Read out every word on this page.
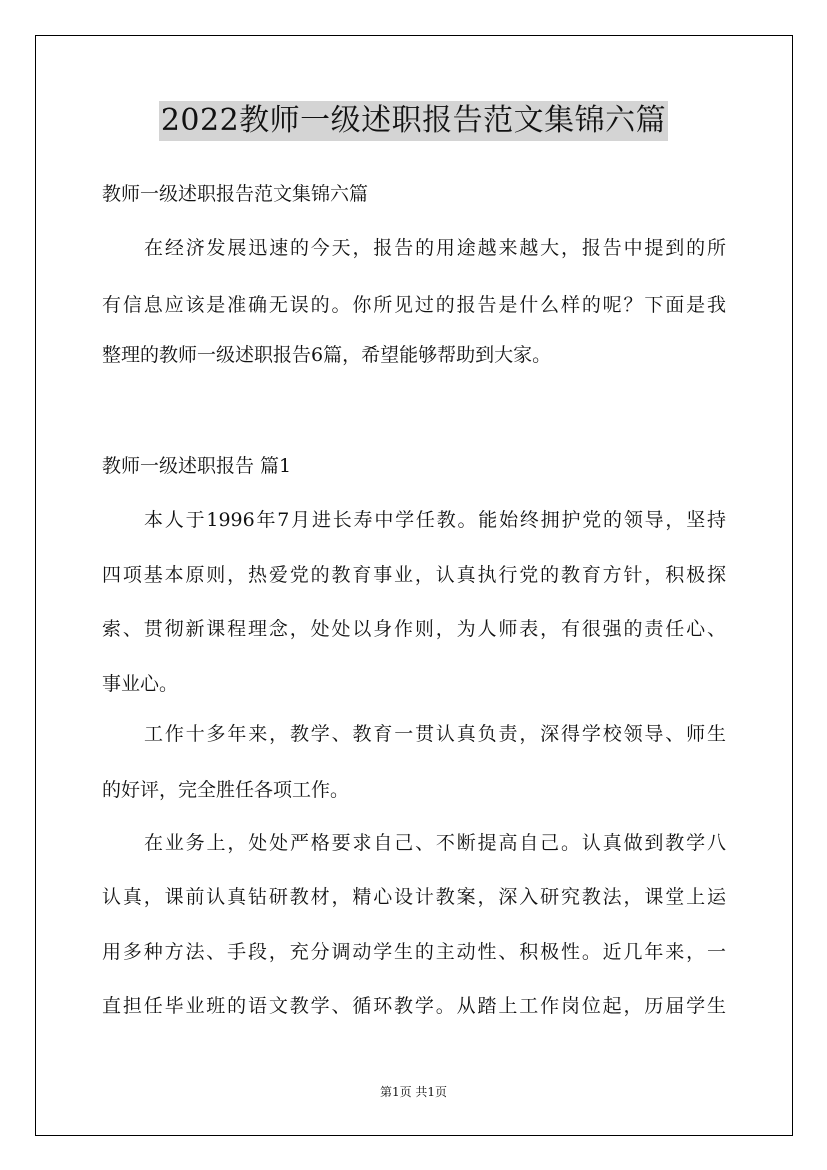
2022教师一级述职报告范文集锦六篇
教师一级述职报告范文集锦六篇
在经济发展迅速的今天，报告的用途越来越大，报告中提到的所
有信息应该是准确无误的。你所见过的报告是什么样的呢？下面是我
整理的教师一级述职报告6篇，希望能够帮助到大家。
教师一级述职报告 篇1
本人于1996年7月进长寿中学任教。能始终拥护党的领导，坚持
四项基本原则，热爱党的教育事业，认真执行党的教育方针，积极探
索、贯彻新课程理念，处处以身作则，为人师表，有很强的责任心、
事业心。
工作十多年来，教学、教育一贯认真负责，深得学校领导、师生
的好评，完全胜任各项工作。
在业务上，处处严格要求自己、不断提高自己。认真做到教学八
认真，课前认真钻研教材，精心设计教案，深入研究教法，课堂上运
用多种方法、手段，充分调动学生的主动性、积极性。近几年来，一
直担任毕业班的语文教学、循环教学。从踏上工作岗位起，历届学生
第1页 共1页
